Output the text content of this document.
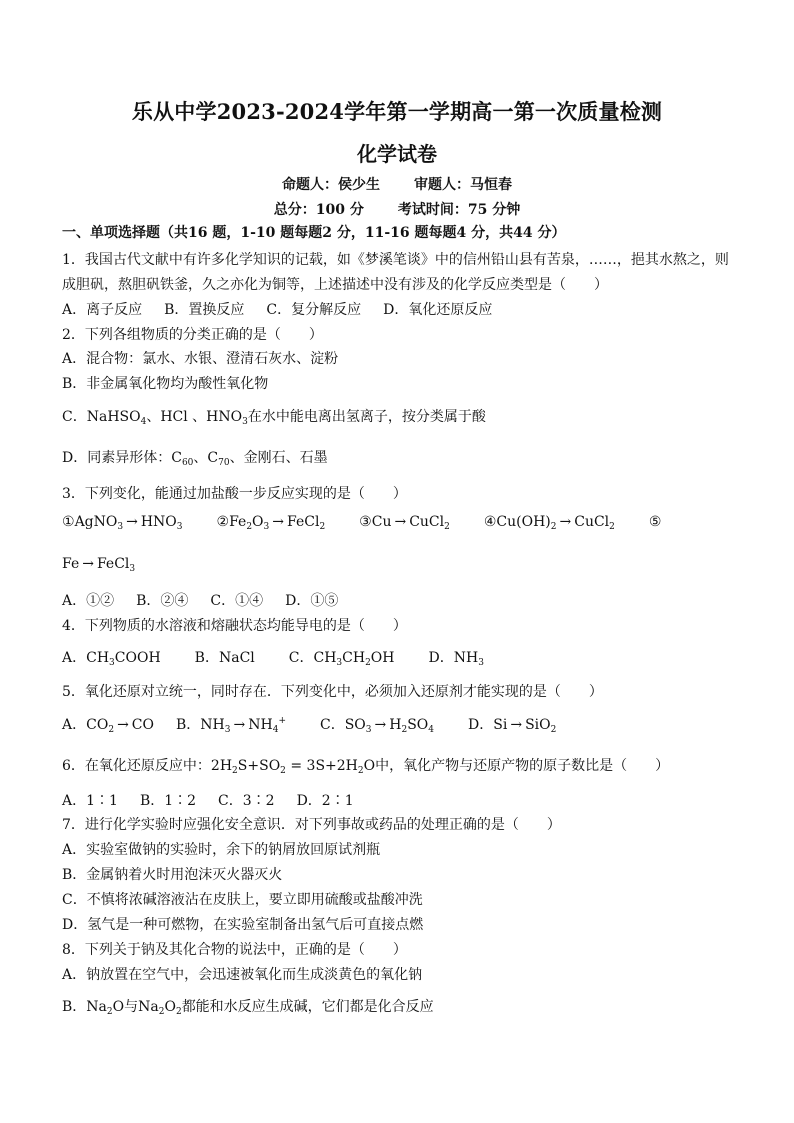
乐从中学2023-2024学年第一学期高一第一次质量检测
化学试卷
命题人：侯少生 审题人：马恒春
总分：100 分 考试时间：75 分钟
一、单项选择题（共16 题，1-10 题每题2 分，11-16 题每题4 分，共44 分）
1．我国古代文献中有许多化学知识的记载，如《梦溪笔谈》中的信州铅山县有苦泉，……，挹其水熬之，则
成胆矾，熬胆矾铁釜，久之亦化为铜等，上述描述中没有涉及的化学反应类型是（　　）
A．离子反应 B．置换反应 C．复分解反应 D．氧化还原反应
2．下列各组物质的分类正确的是（　　）
A．混合物：氯水、水银、澄清石灰水、淀粉
B．非金属氧化物均为酸性氧化物
C．NaHSO$_4$、HCl 、$HNO_3$在水中能电离出氢离子，按分类属于酸
D．同素异形体：$C_{60}$、$C_{70}$、金刚石、石墨
3．下列变化，能通过加盐酸一步反应实现的是（　　）
①AgNO$_3$ → $HNO_3$ $②Fe_2O_3$ → FeCl$_2$ ③Cu → CuCl$_2$ $④Cu(OH)_2$ → CuCl$_2$ ⑤
Fe → FeCl$_3$
A．①② B．②④ C．①④ D．①⑤
4．下列物质的水溶液和熔融状态均能导电的是（　　）
A．$CH_3COOH$ B．NaCl C．$CH_3CH_2OH$ D．$NH_3$
5．氧化还原对立统一，同时存在．下列变化中，必须加入还原剂才能实现的是（　　）
A．$CO_2$ → CO B．$NH_3 \to NH_4^+$ C．$SO_3 \to H_2SO_4$ D．Si → SiO$_2$
6．在氧化还原反应中：$2H_2S+SO_2 = 3S+2H_2O$中，氧化产物与还原产物的原子数比是（　　）
A．1∶1 B．1∶2 C．3∶2 D．2∶1
7．进行化学实验时应强化安全意识．对下列事故或药品的处理正确的是（　　）
A．实验室做钠的实验时，余下的钠屑放回原试剂瓶
B．金属钠着火时用泡沫灭火器灭火
C．不慎将浓碱溶液沾在皮肤上，要立即用硫酸或盐酸冲洗
D．氢气是一种可燃物，在实验室制备出氢气后可直接点燃
8．下列关于钠及其化合物的说法中，正确的是（　　）
A．钠放置在空气中，会迅速被氧化而生成淡黄色的氧化钠
B．$Na_2O$与$Na_2O_2$都能和水反应生成碱，它们都是化合反应
